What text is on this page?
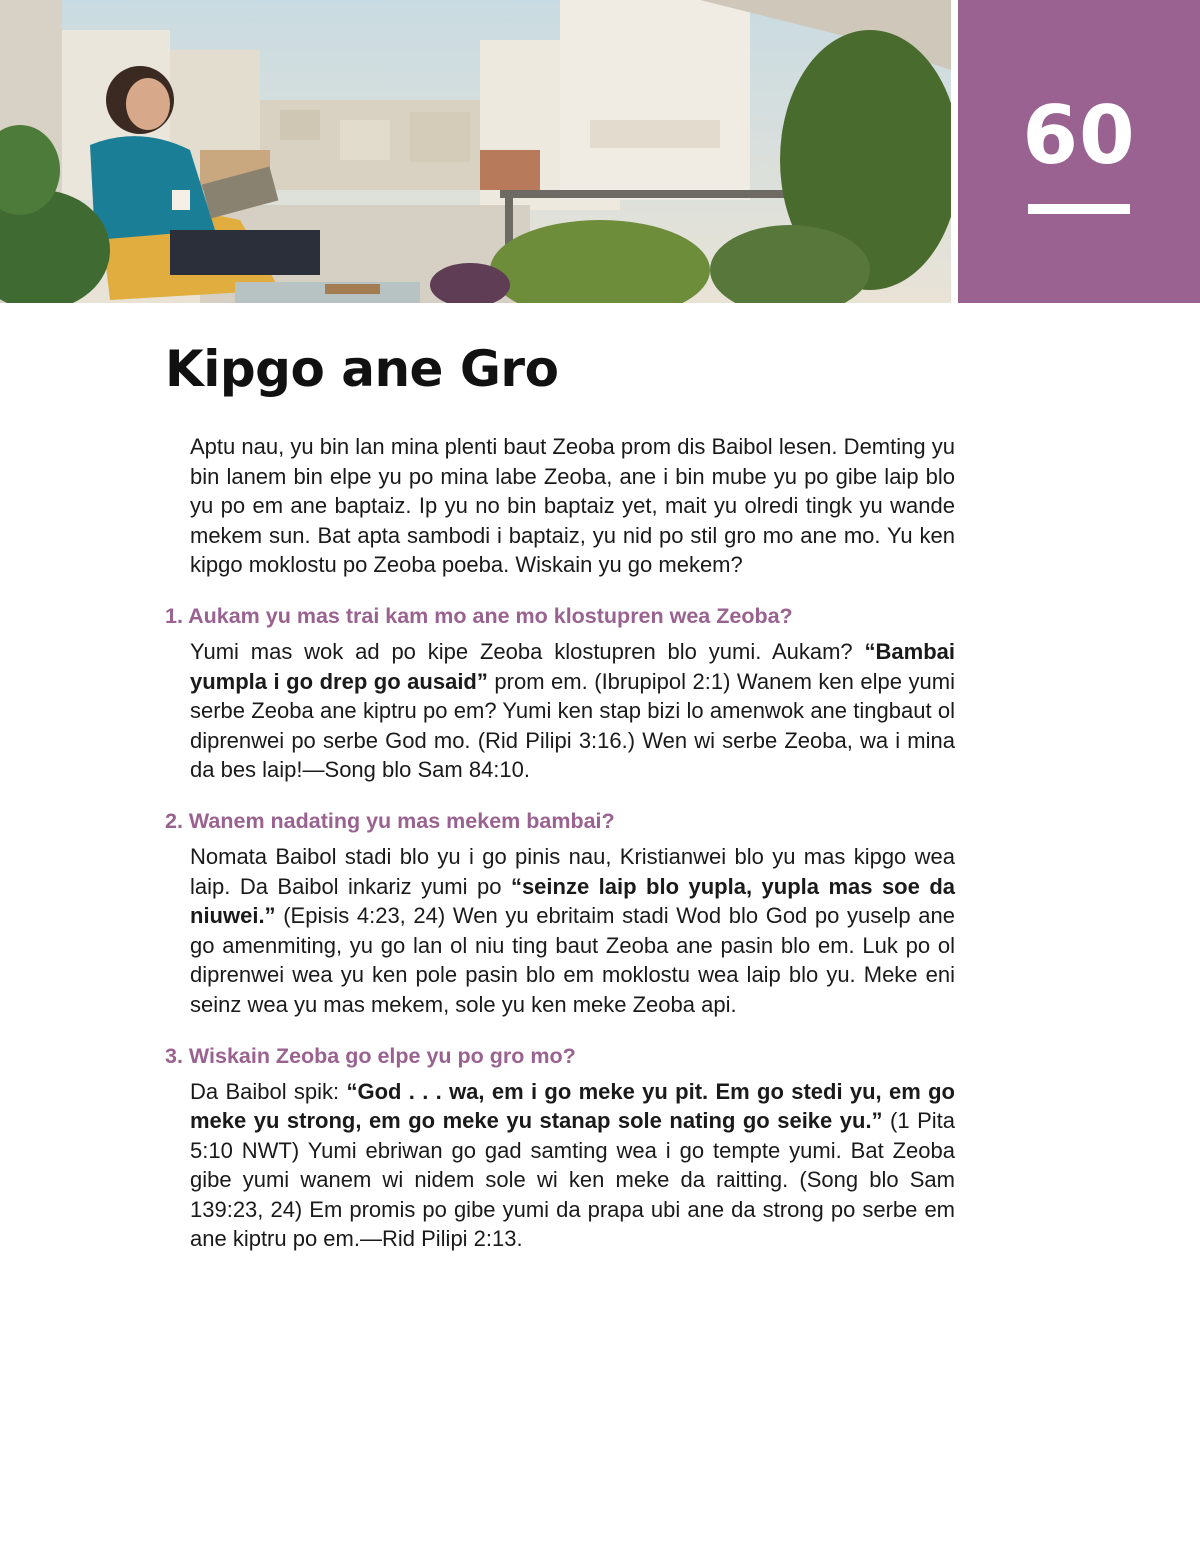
60
Kipgo ane Gro

Aptu nau, yu bin lan mina plenti baut Zeoba prom dis Baibol lesen. Demting yu bin lanem bin elpe yu po mina labe Zeoba, ane i bin mube yu po gibe laip blo yu po em ane baptaiz. Ip yu no bin baptaiz yet, mait yu olredi tingk yu wande mekem sun. Bat apta sambodi i baptaiz, yu nid po stil gro mo ane mo. Yu ken kipgo moklostu po Zeoba poeba. Wiskain yu go mekem?

1. Aukam yu mas trai kam mo ane mo klostupren wea Zeoba?

Yumi mas wok ad po kipe Zeoba klostupren blo yumi. Aukam? “Bambai yumpla i go drep go ausaid” prom em. (Ibrupipol 2:1) Wanem ken elpe yumi serbe Zeoba ane kiptru po em? Yumi ken stap bizi lo amenwok ane tingbaut ol diprenwei po serbe God mo. (Rid Pilipi 3:16.) Wen wi serbe Zeoba, wa i mina da bes laip!—Song blo Sam 84:10.

2. Wanem nadating yu mas mekem bambai?

Nomata Baibol stadi blo yu i go pinis nau, Kristianwei blo yu mas kipgo wea laip. Da Baibol inkariz yumi po “seinze laip blo yupla, yupla mas soe da niuwei.” (Episis 4:23, 24) Wen yu ebritaim stadi Wod blo God po yuselp ane go amenmiting, yu go lan ol niu ting baut Zeoba ane pasin blo em. Luk po ol diprenwei wea yu ken pole pasin blo em moklostu wea laip blo yu. Meke eni seinz wea yu mas mekem, sole yu ken meke Zeoba api.

3. Wiskain Zeoba go elpe yu po gro mo?

Da Baibol spik: “God . . . wa, em i go meke yu pit. Em go stedi yu, em go meke yu strong, em go meke yu stanap sole nating go seike yu.” (1 Pita 5:10 NWT) Yumi ebriwan go gad samting wea i go tempte yumi. Bat Zeoba gibe yumi wanem wi nidem sole wi ken meke da raitting. (Song blo Sam 139:23, 24) Em promis po gibe yumi da prapa ubi ane da strong po serbe em ane kiptru po em.—Rid Pilipi 2:13.
